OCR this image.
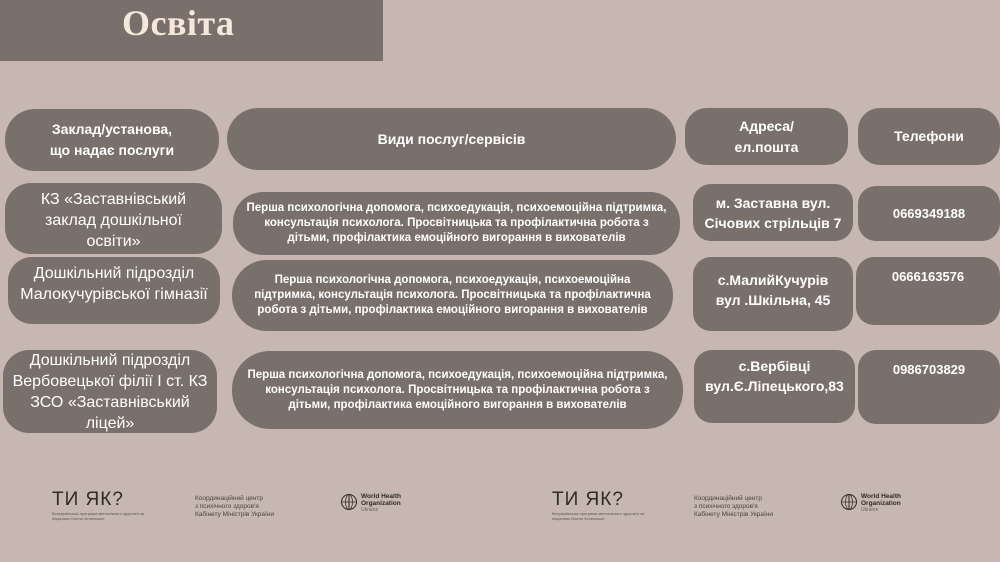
Освіта
Заклад/установа,
що надає послуги
Види послуг/сервісів
Адреса/
ел.пошта
Телефони
КЗ «Заставнівський
заклад дошкільної
освіти»
Перша психологічна допомога, психоедукація, психоемоційна підтримка, консультація психолога. Просвітницька та профілактична робота з дітьми, профілактика емоційного вигорання в вихователів
м. Заставна вул.
Січових стрільців 7
0669349188
Дошкільний підрозділ
Малокучурівської гімназії
Перша психологічна допомога, психоедукація, психоемоційна підтримка, консультація психолога. Просвітницька та профілактична робота з дітьми, профілактика емоційного вигорання в вихователів
с.МалийКучурів
вул .Шкільна, 45
0666163576
Дошкільний підрозділ
Вербовецької філії I ст. КЗ
ЗСО «Заставнівський
ліцей»
Перша психологічна допомога, психоедукація, психоемоційна підтримка, консультація психолога. Просвітницька та профілактична робота з дітьми, профілактика емоційного вигорання в вихователів
с.Вербівці
вул.Є.Ліпецького,83
0986703829
ТИ ЯК?
Всеукраїнська програма ментального здоров'я за ініціативи Олени Зеленської
Координаційний центр
з психічного здоров'я
Кабінету Міністрів України
World Health
Organization
Ukraine	ТИ ЯК?
Всеукраїнська програма ментального здоров'я за ініціативи Олени Зеленської
Координаційний центр
з психічного здоров'я
Кабінету Міністрів України
World Health
Organization
Ukraine
